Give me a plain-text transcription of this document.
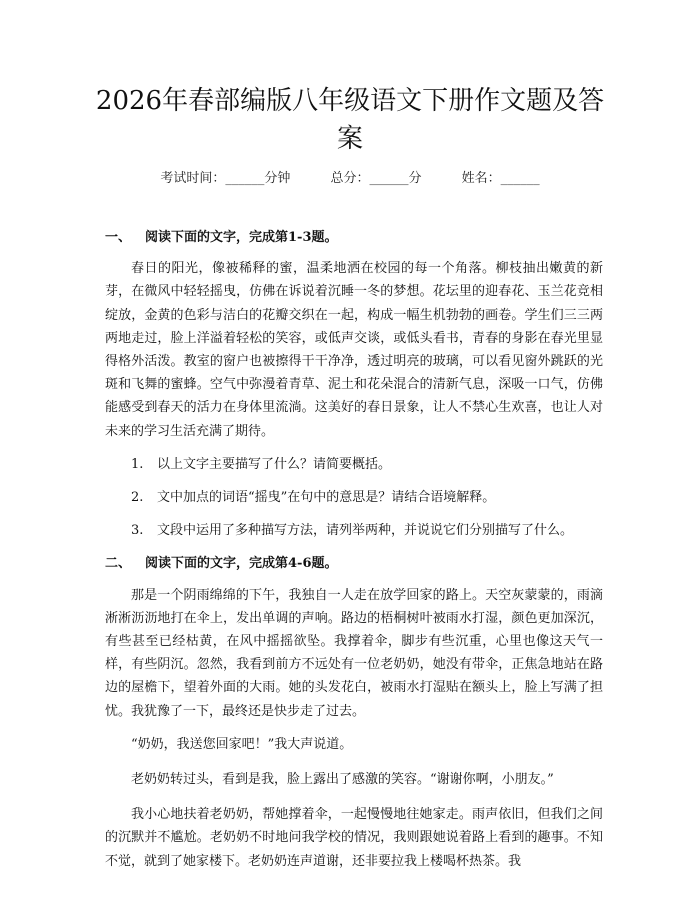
2026年春部编版八年级语文下册作文题及答案
考试时间：______分钟	总分：______分	姓名：______
一、 阅读下面的文字，完成第1-3题。

春日的阳光，像被稀释的蜜，温柔地洒在校园的每一个角落。柳枝抽出嫩黄的新芽，在微风中轻轻摇曳，仿佛在诉说着沉睡一冬的梦想。花坛里的迎春花、玉兰花竞相绽放，金黄的色彩与洁白的花瓣交织在一起，构成一幅生机勃勃的画卷。学生们三三两两地走过，脸上洋溢着轻松的笑容，或低声交谈，或低头看书，青春的身影在春光里显得格外活泼。教室的窗户也被擦得干干净净，透过明亮的玻璃，可以看见窗外跳跃的光斑和飞舞的蜜蜂。空气中弥漫着青草、泥土和花朵混合的清新气息，深吸一口气，仿佛能感受到春天的活力在身体里流淌。这美好的春日景象，让人不禁心生欢喜，也让人对未来的学习生活充满了期待。

1. 以上文字主要描写了什么？请简要概括。
2. 文中加点的词语“摇曳”在句中的意思是？请结合语境解释。
3. 文段中运用了多种描写方法，请列举两种，并说说它们分别描写了什么。
二、 阅读下面的文字，完成第4-6题。

那是一个阴雨绵绵的下午，我独自一人走在放学回家的路上。天空灰蒙蒙的，雨滴淅淅沥沥地打在伞上，发出单调的声响。路边的梧桐树叶被雨水打湿，颜色更加深沉，有些甚至已经枯黄，在风中摇摇欲坠。我撑着伞，脚步有些沉重，心里也像这天气一样，有些阴沉。忽然，我看到前方不远处有一位老奶奶，她没有带伞，正焦急地站在路边的屋檐下，望着外面的大雨。她的头发花白，被雨水打湿贴在额头上，脸上写满了担忧。我犹豫了一下，最终还是快步走了过去。

“奶奶，我送您回家吧！”我大声说道。

老奶奶转过头，看到是我，脸上露出了感激的笑容。“谢谢你啊，小朋友。”

我小心地扶着老奶奶，帮她撑着伞，一起慢慢地往她家走。雨声依旧，但我们之间的沉默并不尴尬。老奶奶不时地问我学校的情况，我则跟她说着路上看到的趣事。不知不觉，就到了她家楼下。老奶奶连声道谢，还非要拉我上楼喝杯热茶。我
